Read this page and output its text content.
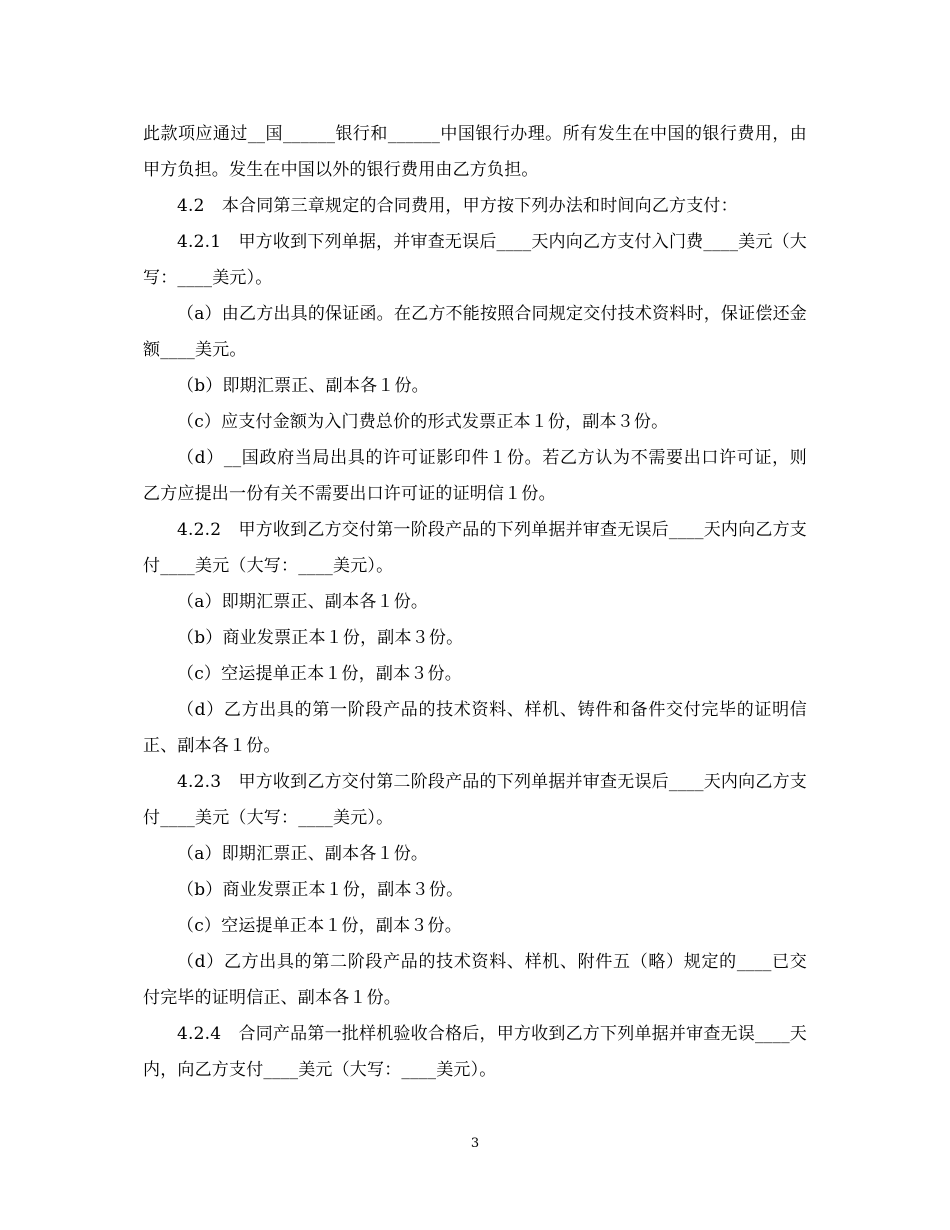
此款项应通过__国______银行和______中国银行办理。所有发生在中国的银行费用，由甲方负担。发生在中国以外的银行费用由乙方负担。

4.2　本合同第三章规定的合同费用，甲方按下列办法和时间向乙方支付：

4.2.1　甲方收到下列单据，并审查无误后____天内向乙方支付入门费____美元（大写：____美元）。

（a）由乙方出具的保证函。在乙方不能按照合同规定交付技术资料时，保证偿还金额____美元。

（b）即期汇票正、副本各１份。

（c）应支付金额为入门费总价的形式发票正本１份，副本３份。

（d）__国政府当局出具的许可证影印件１份。若乙方认为不需要出口许可证，则乙方应提出一份有关不需要出口许可证的证明信１份。

4.2.2　甲方收到乙方交付第一阶段产品的下列单据并审查无误后____天内向乙方支付____美元（大写：____美元）。

（a）即期汇票正、副本各１份。

（b）商业发票正本１份，副本３份。

（c）空运提单正本１份，副本３份。

（d）乙方出具的第一阶段产品的技术资料、样机、铸件和备件交付完毕的证明信正、副本各１份。

4.2.3　甲方收到乙方交付第二阶段产品的下列单据并审查无误后____天内向乙方支付____美元（大写：____美元）。

（a）即期汇票正、副本各１份。

（b）商业发票正本１份，副本３份。

（c）空运提单正本１份，副本３份。

（d）乙方出具的第二阶段产品的技术资料、样机、附件五（略）规定的____已交付完毕的证明信正、副本各１份。

4.2.4　合同产品第一批样机验收合格后，甲方收到乙方下列单据并审查无误____天内，向乙方支付____美元（大写：____美元）。

3
